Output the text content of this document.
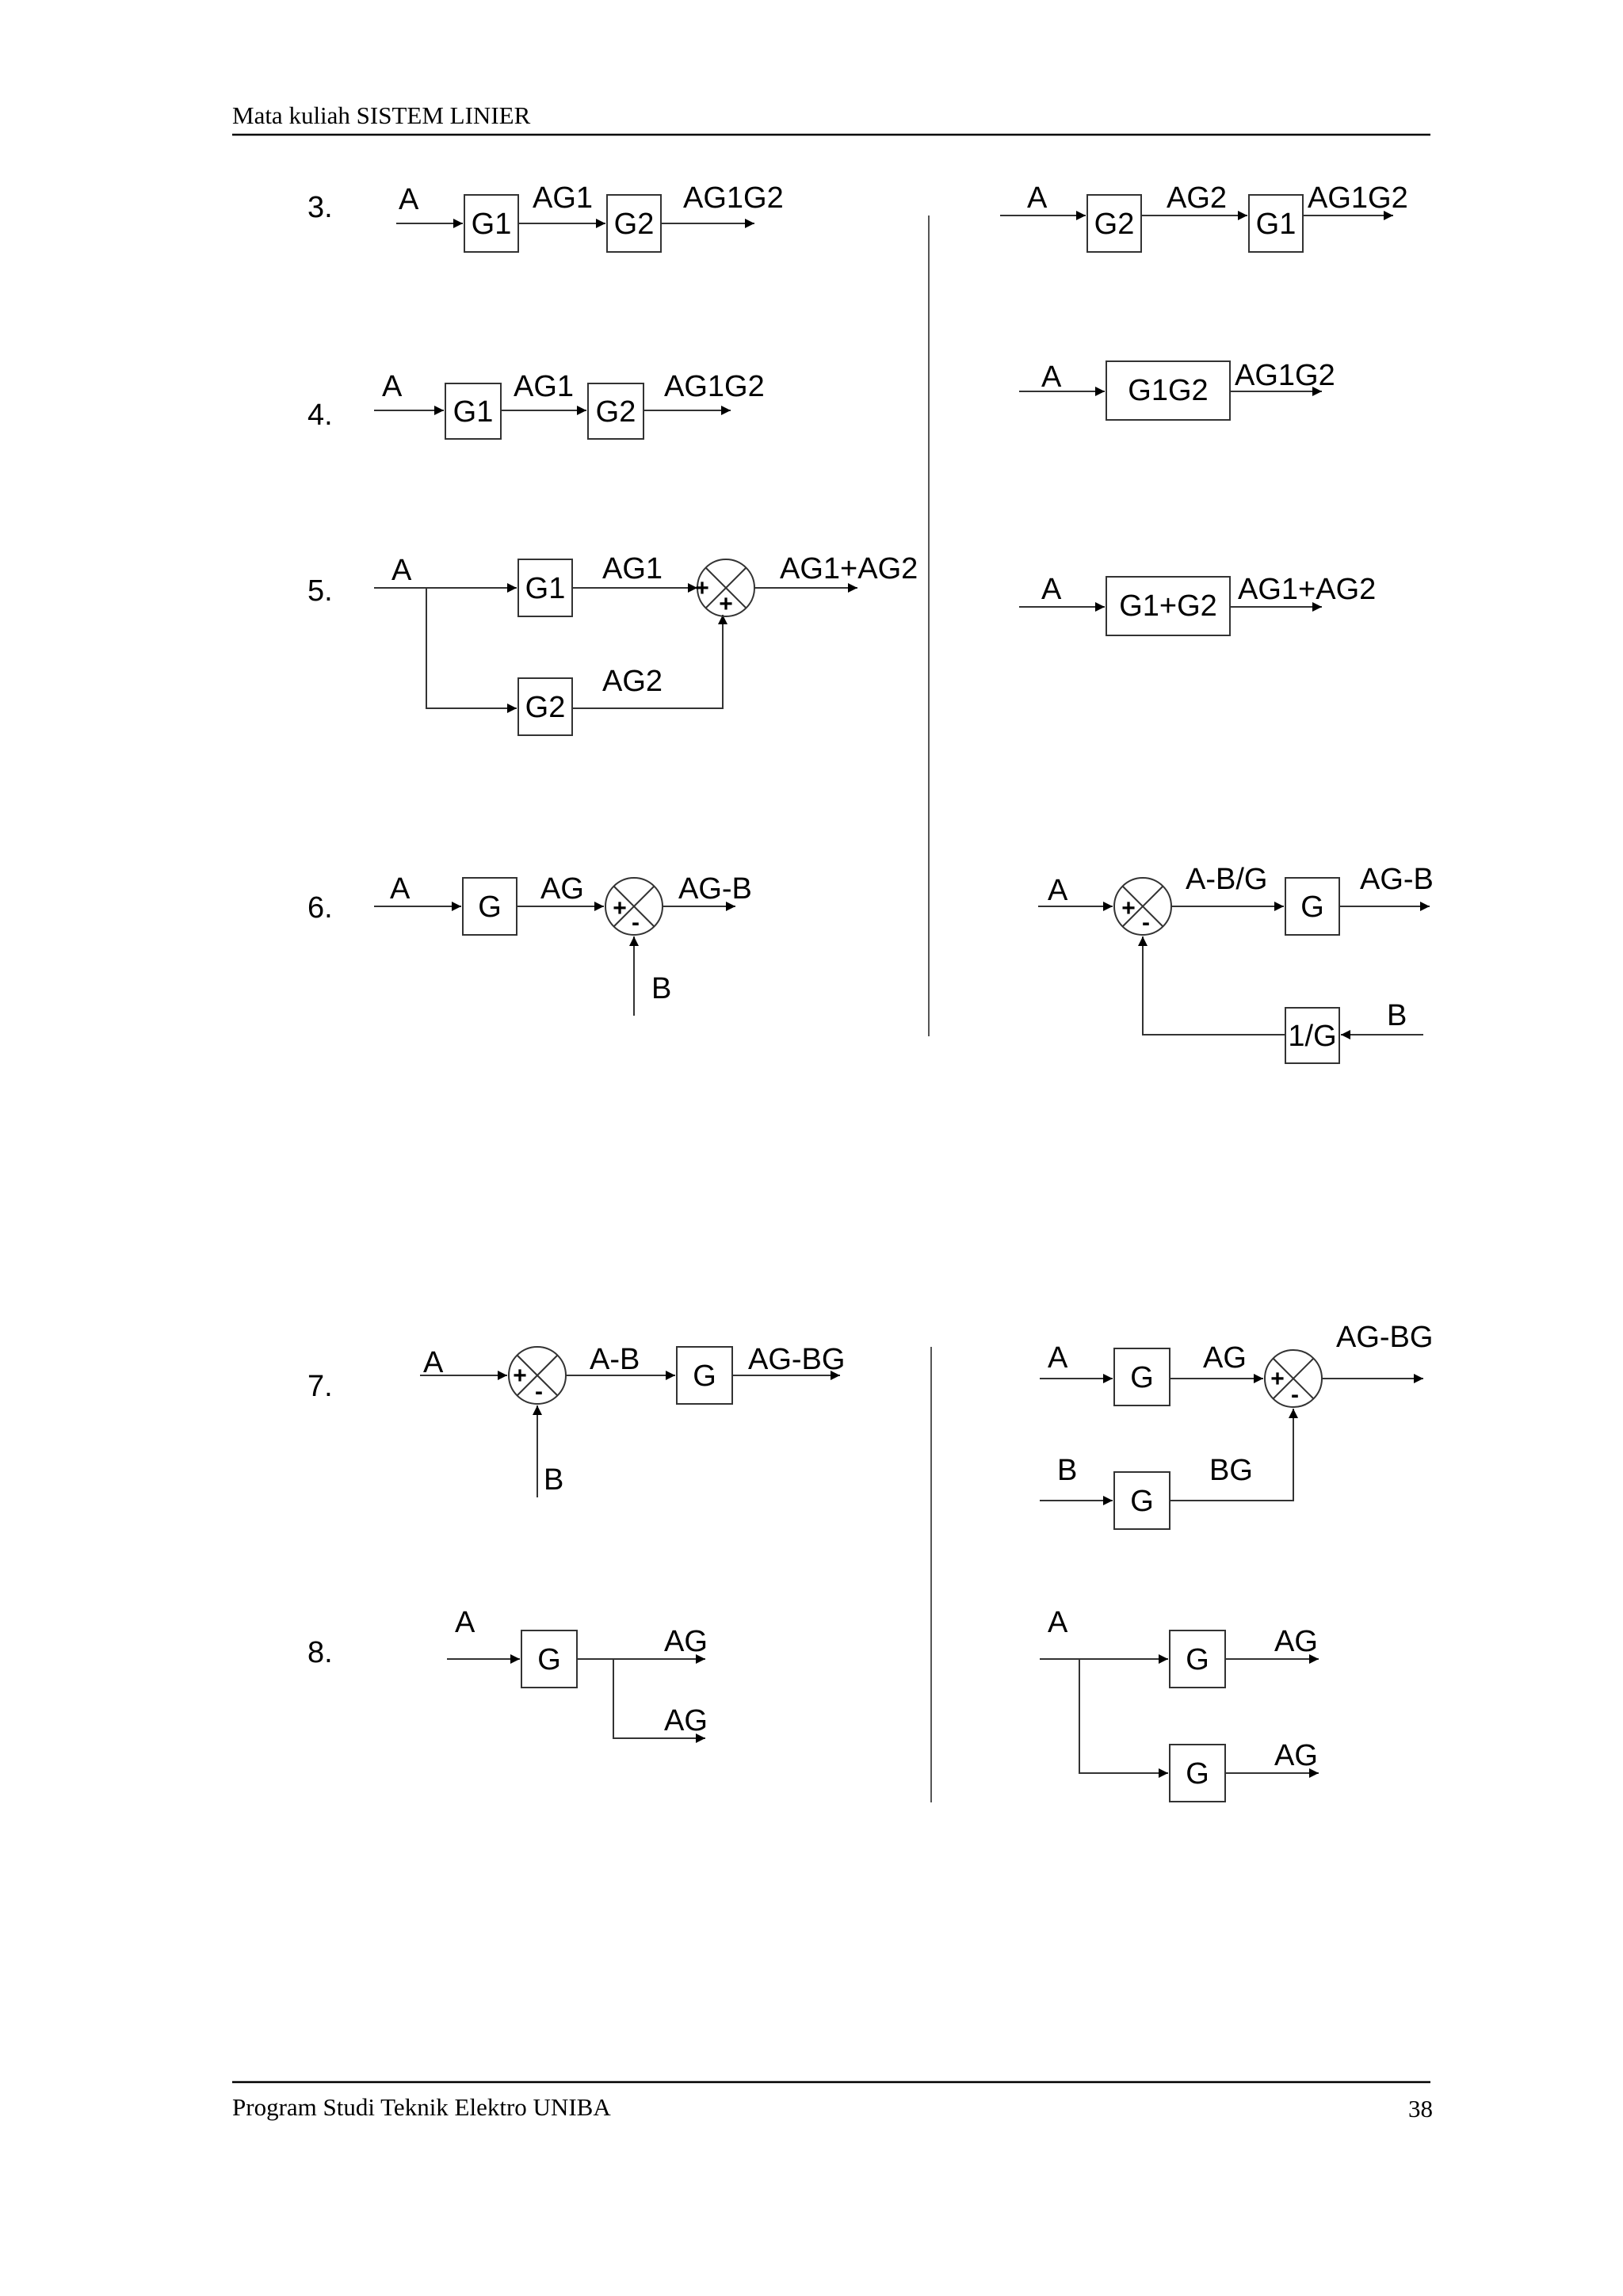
Mata kuliah SISTEM LINIER
Program Studi Teknik Elektro UNIBA	38
3. A
G1
AG1
G2
AG1G2	A
G2
AG2
G1
AG1G2
4.
A
G1
AG1
G2
AG1G2	A G1G2 AG1G2
5.
A
G1
G2
AG1
AG2
+
+
AG1+AG2
A
G1+G2
AG1+AG2
6.
A
G
AG
+
-
B
AG-B	A
+
-
A-B/G
G
AG-B
1/G
B
7.
A	+
-
B
A-B
G
AG-BG	A
G
AG
+
-
AG-BG
B
G
BG
8.
A
G
AG
AG
A
G
G
AG
AG
